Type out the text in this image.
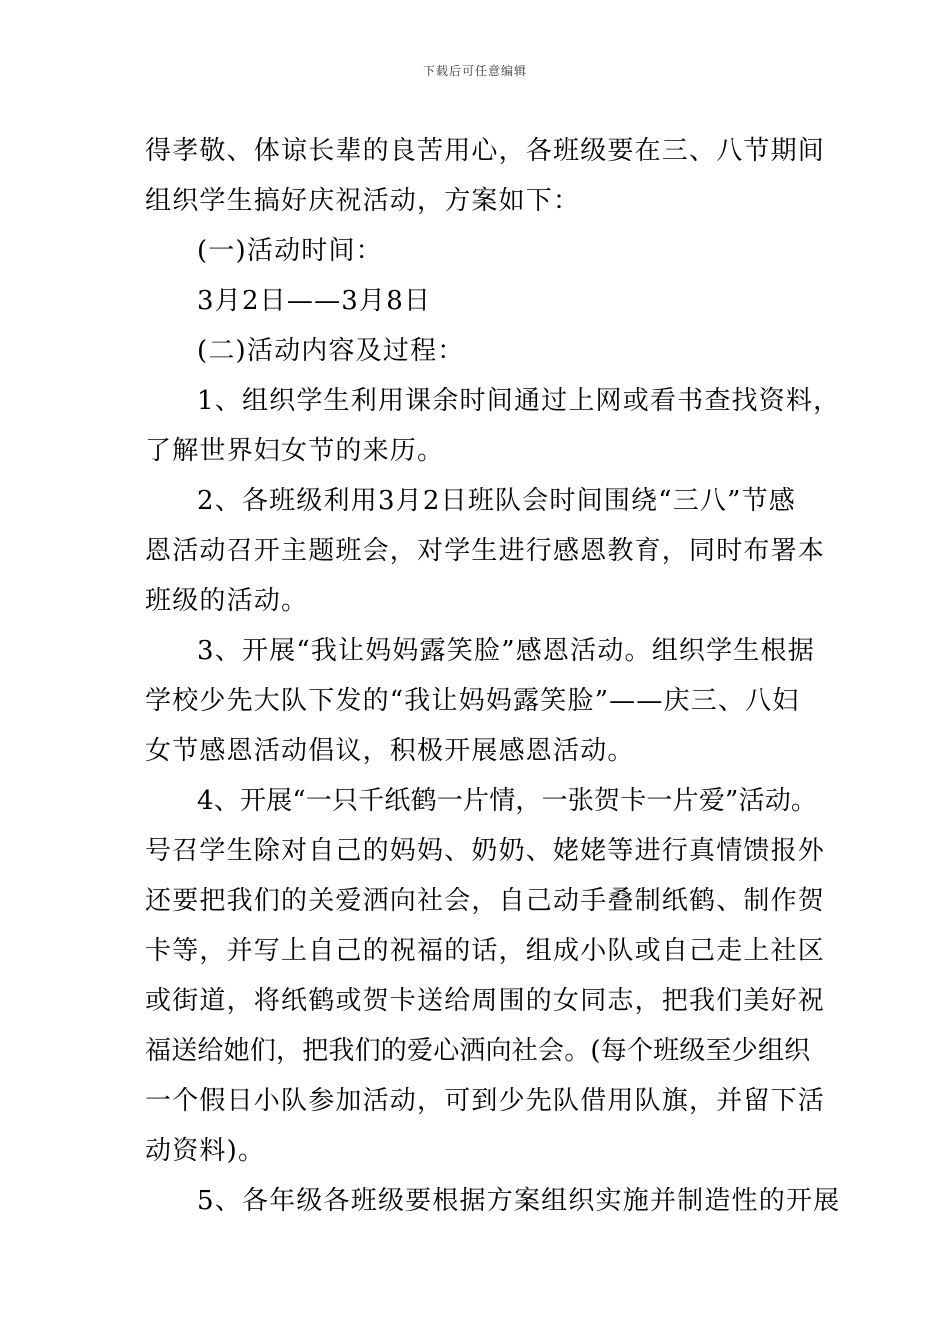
下载后可任意编辑
得孝敬、体谅长辈的良苦用心，各班级要在三、八节期间
组织学生搞好庆祝活动，方案如下：
(一)活动时间：
3月2日——3月8日
(二)活动内容及过程：
1、组织学生利用课余时间通过上网或看书查找资料，
了解世界妇女节的来历。
2、各班级利用3月2日班队会时间围绕“三八”节感
恩活动召开主题班会，对学生进行感恩教育，同时布署本
班级的活动。
3、开展“我让妈妈露笑脸”感恩活动。组织学生根据
学校少先大队下发的“我让妈妈露笑脸”——庆三、八妇
女节感恩活动倡议，积极开展感恩活动。
4、开展“一只千纸鹤一片情，一张贺卡一片爱”活动。
号召学生除对自己的妈妈、奶奶、姥姥等进行真情馈报外
还要把我们的关爱洒向社会，自己动手叠制纸鹤、制作贺
卡等，并写上自己的祝福的话，组成小队或自己走上社区
或街道，将纸鹤或贺卡送给周围的女同志，把我们美好祝
福送给她们，把我们的爱心洒向社会。(每个班级至少组织
一个假日小队参加活动，可到少先队借用队旗，并留下活
动资料)。
5、各年级各班级要根据方案组织实施并制造性的开展
